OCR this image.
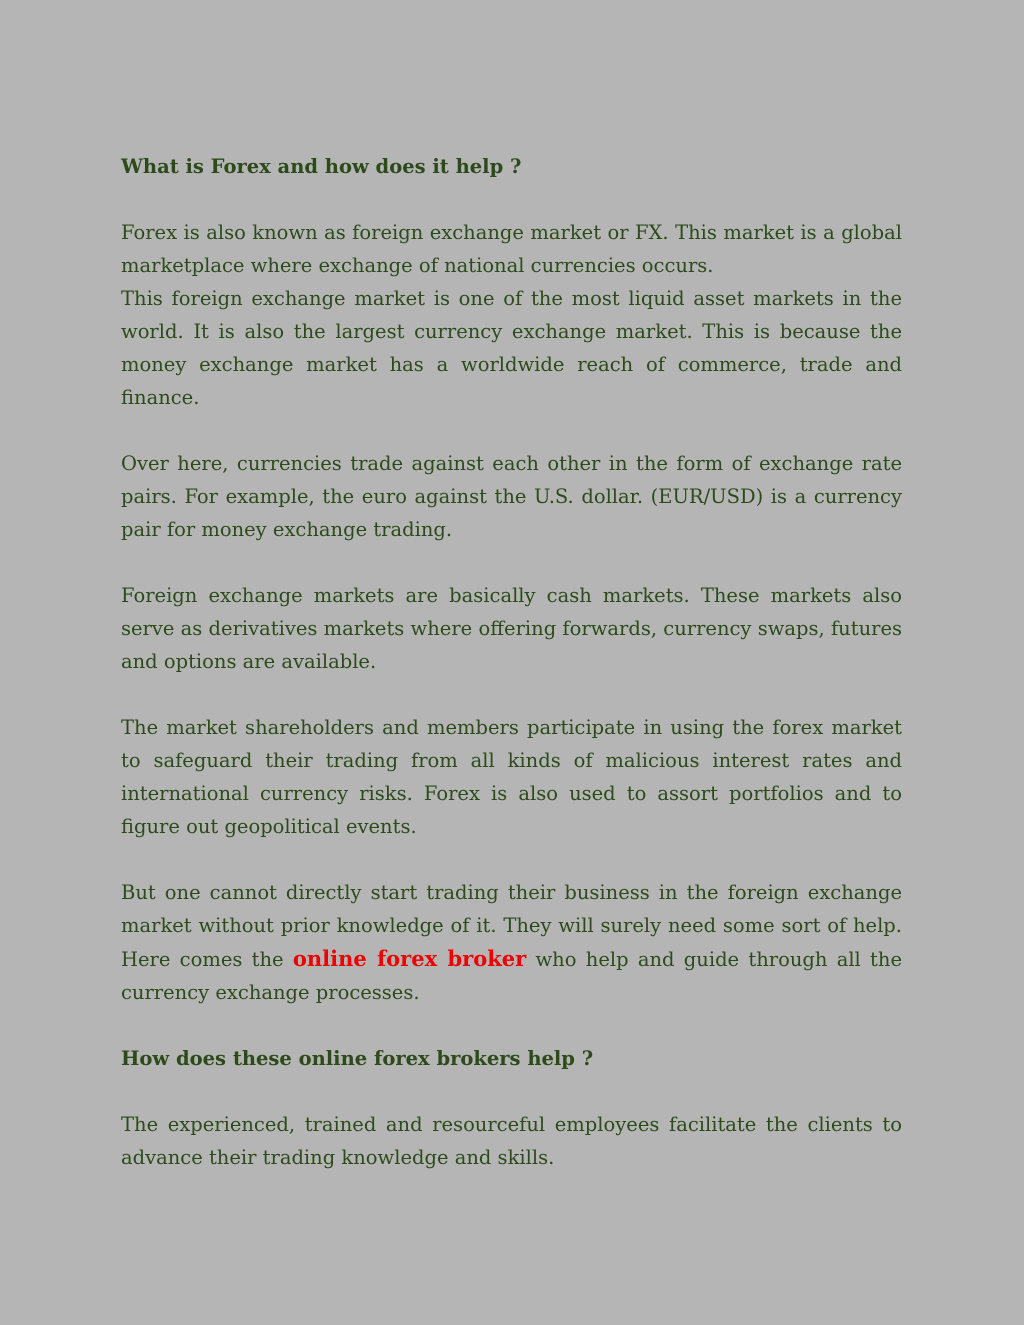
What is Forex and how does it help ?

Forex is also known as foreign exchange market or FX. This market is a global marketplace where exchange of national currencies occurs.

This foreign exchange market is one of the most liquid asset markets in the world. It is also the largest currency exchange market. This is because the money exchange market has a worldwide reach of commerce, trade and finance.

Over here, currencies trade against each other in the form of exchange rate pairs. For example, the euro against the U.S. dollar. (EUR/USD) is a currency pair for money exchange trading.

Foreign exchange markets are basically cash markets. These markets also serve as derivatives markets where offering forwards, currency swaps, futures and options are available.

The market shareholders and members participate in using the forex market to safeguard their trading from all kinds of malicious interest rates and international currency risks. Forex is also used to assort portfolios and to figure out geopolitical events.

But one cannot directly start trading their business in the foreign exchange market without prior knowledge of it. They will surely need some sort of help. Here comes the online forex broker who help and guide through all the currency exchange processes.

How does these online forex brokers help ?

The experienced, trained and resourceful employees facilitate the clients to advance their trading knowledge and skills.
